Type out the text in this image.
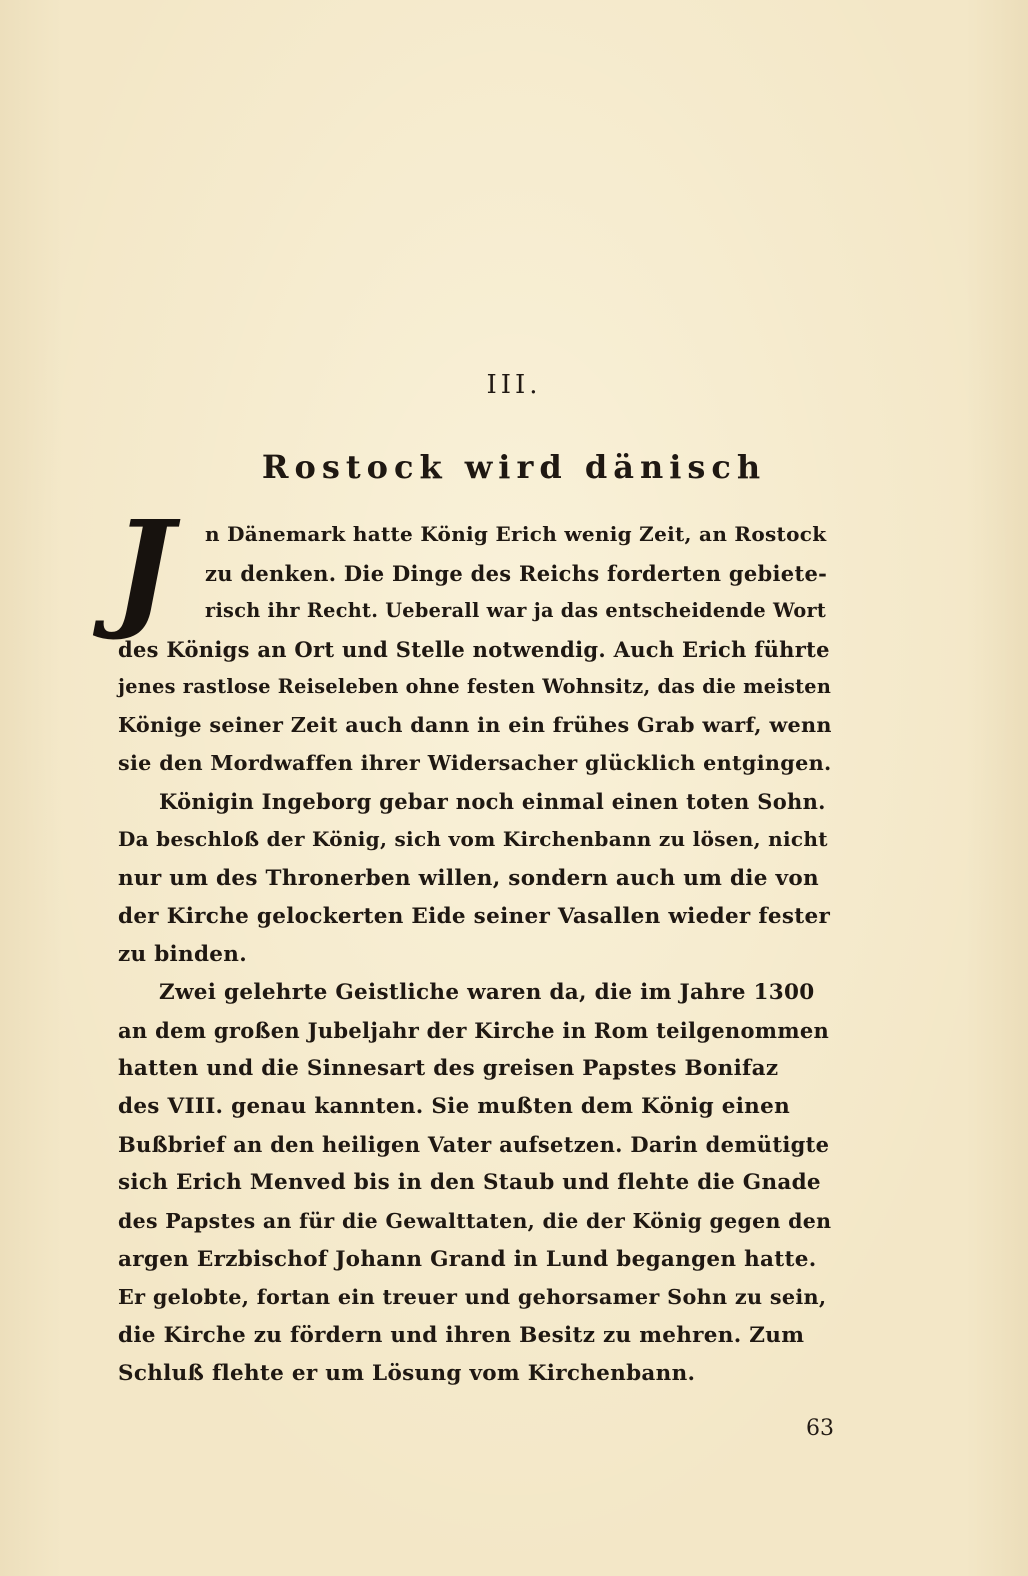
III.
Rostock wird dänisch
J n Dänemark hatte König Erich wenig Zeit, an Rostock
zu denken. Die Dinge des Reichs forderten gebiete-
risch ihr Recht. Ueberall war ja das entscheidende Wort
des Königs an Ort und Stelle notwendig. Auch Erich führte
jenes rastlose Reiseleben ohne festen Wohnsitz, das die meisten
Könige seiner Zeit auch dann in ein frühes Grab warf, wenn
sie den Mordwaffen ihrer Widersacher glücklich entgingen.
Königin Ingeborg gebar noch einmal einen toten Sohn.
Da beschloß der König, sich vom Kirchenbann zu lösen, nicht
nur um des Thronerben willen, sondern auch um die von
der Kirche gelockerten Eide seiner Vasallen wieder fester
zu binden.
Zwei gelehrte Geistliche waren da, die im Jahre 1300
an dem großen Jubeljahr der Kirche in Rom teilgenommen
hatten und die Sinnesart des greisen Papstes Bonifaz
des VIII. genau kannten. Sie mußten dem König einen
Bußbrief an den heiligen Vater aufsetzen. Darin demütigte
sich Erich Menved bis in den Staub und flehte die Gnade
des Papstes an für die Gewalttaten, die der König gegen den
argen Erzbischof Johann Grand in Lund begangen hatte.
Er gelobte, fortan ein treuer und gehorsamer Sohn zu sein,
die Kirche zu fördern und ihren Besitz zu mehren. Zum
Schluß flehte er um Lösung vom Kirchenbann.
63
